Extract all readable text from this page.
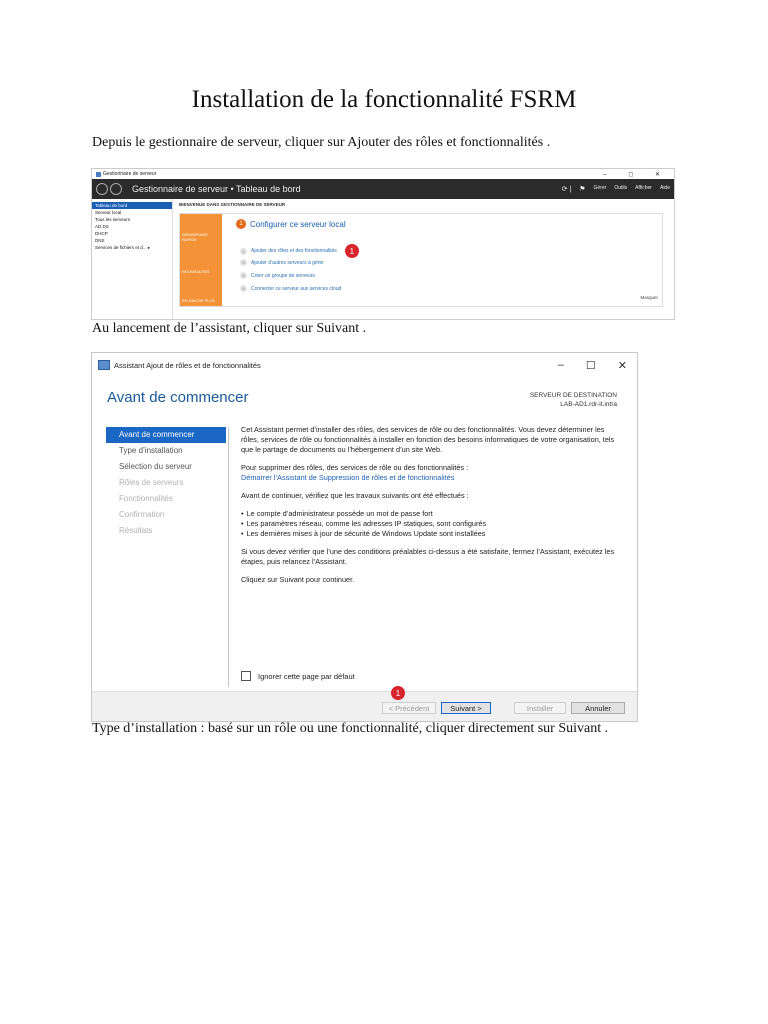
Installation de la fonctionnalité FSRM
Depuis le gestionnaire de serveur, cliquer sur Ajouter des rôles et fonctionnalités .
Gestionnaire de serveur	– ◻ ✕
Gestionnaire de serveur • Tableau de bord	⟳ | ⚑ Gérer Outils Afficher Aide
Tableau de bord
Serveur local
Tous les serveurs
AD DS
DHCP
DNS
Services de fichiers et d... ▸
BIENVENUE DANS GESTIONNAIRE DE SERVEUR
DÉMARRAGE RAPIDE
NOUVEAUTÉS
EN SAVOIR PLUS
1 Configurer ce serveur local
2	Ajouter des rôles et des fonctionnalités	1
3	Ajouter d’autres serveurs à gérer
4	Créer un groupe de serveurs
5	Connecter ce serveur aux services cloud
Masquer
Au lancement de l’assistant, cliquer sur Suivant .
Assistant Ajout de rôles et de fonctionnalités	– ☐ ✕
Avant de commencer	SERVEUR DE DESTINATION
LAB-AD1.rdr-it.intra
Avant de commencer
Type d’installation
Sélection du serveur
Rôles de serveurs
Fonctionnalités
Confirmation
Résultats

Cet Assistant permet d’installer des rôles, des services de rôle ou des fonctionnalités. Vous devez déterminer les rôles, services de rôle ou fonctionnalités à installer en fonction des besoins informatiques de votre organisation, tels que le partage de documents ou l’hébergement d’un site Web.

Pour supprimer des rôles, des services de rôle ou des fonctionnalités :

Démarrer l’Assistant de Suppression de rôles et de fonctionnalités

Avant de continuer, vérifiez que les travaux suivants ont été effectués :

• Le compte d’administrateur possède un mot de passe fort
• Les paramètres réseau, comme les adresses IP statiques, sont configurés
• Les dernières mises à jour de sécurité de Windows Update sont installées

Si vous devez vérifier que l’une des conditions préalables ci-dessus a été satisfaite, fermez l’Assistant, exécutez les étapes, puis relancez l’Assistant.

Cliquez sur Suivant pour continuer.

Ignorer cette page par défaut
< Précédent	Suivant >	Installer	Annuler
1
Type d’installation : basé sur un rôle ou une fonctionnalité, cliquer directement sur Suivant .
